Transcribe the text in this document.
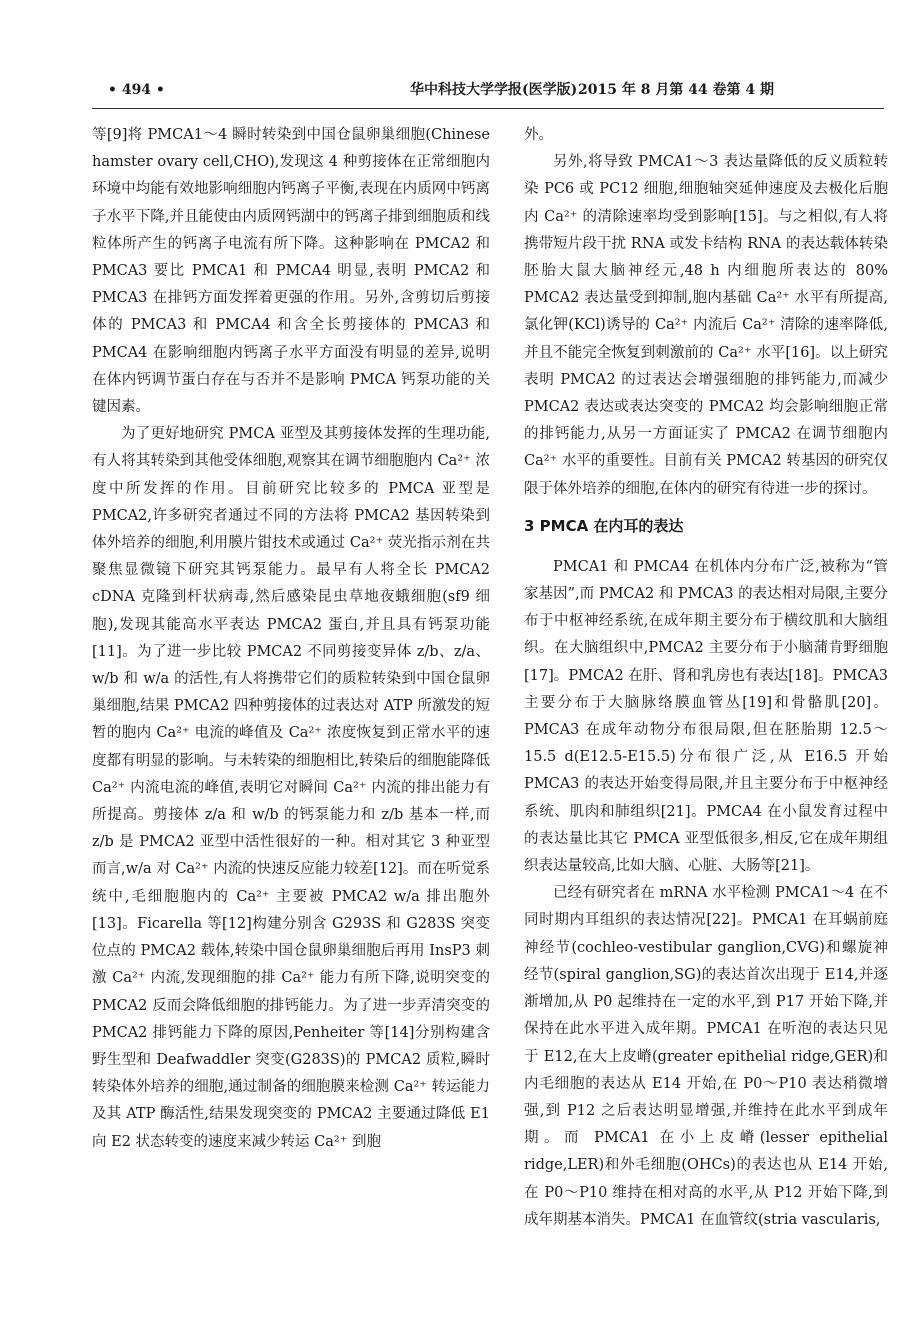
• 494 •	华中科技大学学报(医学版) 2015 年 8 月第 44 卷第 4 期

等[9]将 PMCA1～4 瞬时转染到中国仓鼠卵巢细胞(Chinese hamster ovary cell,CHO),发现这 4 种剪接体在正常细胞内环境中均能有效地影响细胞内钙离子平衡,表现在内质网中钙离子水平下降,并且能使由内质网钙湖中的钙离子排到细胞质和线粒体所产生的钙离子电流有所下降。这种影响在 PMCA2 和 PMCA3 要比 PMCA1 和 PMCA4 明显,表明 PMCA2 和 PMCA3 在排钙方面发挥着更强的作用。另外,含剪切后剪接体的 PMCA3 和 PMCA4 和含全长剪接体的 PMCA3 和 PMCA4 在影响细胞内钙离子水平方面没有明显的差异,说明在体内钙调节蛋白存在与否并不是影响 PMCA 钙泵功能的关键因素。

为了更好地研究 PMCA 亚型及其剪接体发挥的生理功能,有人将其转染到其他受体细胞,观察其在调节细胞胞内 Ca²⁺ 浓度中所发挥的作用。目前研究比较多的 PMCA 亚型是 PMCA2,许多研究者通过不同的方法将 PMCA2 基因转染到体外培养的细胞,利用膜片钳技术或通过 Ca²⁺ 荧光指示剂在共聚焦显微镜下研究其钙泵能力。最早有人将全长 PMCA2 cDNA 克隆到杆状病毒,然后感染昆虫草地夜蛾细胞(sf9 细胞),发现其能高水平表达 PMCA2 蛋白,并且具有钙泵功能[11]。为了进一步比较 PMCA2 不同剪接变异体 z/b、z/a、w/b 和 w/a 的活性,有人将携带它们的质粒转染到中国仓鼠卵巢细胞,结果 PMCA2 四种剪接体的过表达对 ATP 所激发的短暂的胞内 Ca²⁺ 电流的峰值及 Ca²⁺ 浓度恢复到正常水平的速度都有明显的影响。与未转染的细胞相比,转染后的细胞能降低 Ca²⁺ 内流电流的峰值,表明它对瞬间 Ca²⁺ 内流的排出能力有所提高。剪接体 z/a 和 w/b 的钙泵能力和 z/b 基本一样,而 z/b 是 PMCA2 亚型中活性很好的一种。相对其它 3 种亚型而言,w/a 对 Ca²⁺ 内流的快速反应能力较差[12]。而在听觉系统中,毛细胞胞内的 Ca²⁺ 主要被 PMCA2 w/a 排出胞外[13]。Ficarella 等[12]构建分别含 G293S 和 G283S 突变位点的 PMCA2 载体,转染中国仓鼠卵巢细胞后再用 InsP3 刺激 Ca²⁺ 内流,发现细胞的排 Ca²⁺ 能力有所下降,说明突变的 PMCA2 反而会降低细胞的排钙能力。为了进一步弄清突变的 PMCA2 排钙能力下降的原因,Penheiter 等[14]分别构建含野生型和 Deafwaddler 突变(G283S)的 PMCA2 质粒,瞬时转染体外培养的细胞,通过制备的细胞膜来检测 Ca²⁺ 转运能力及其 ATP 酶活性,结果发现突变的 PMCA2 主要通过降低 E1 向 E2 状态转变的速度来减少转运 Ca²⁺ 到胞

外。

另外,将导致 PMCA1～3 表达量降低的反义质粒转染 PC6 或 PC12 细胞,细胞轴突延伸速度及去极化后胞内 Ca²⁺ 的清除速率均受到影响[15]。与之相似,有人将携带短片段干扰 RNA 或发卡结构 RNA 的表达载体转染胚胎大鼠大脑神经元,48 h 内细胞所表达的 80% PMCA2 表达量受到抑制,胞内基础 Ca²⁺ 水平有所提高,氯化钾(KCl)诱导的 Ca²⁺ 内流后 Ca²⁺ 清除的速率降低,并且不能完全恢复到刺激前的 Ca²⁺ 水平[16]。以上研究表明 PMCA2 的过表达会增强细胞的排钙能力,而减少 PMCA2 表达或表达突变的 PMCA2 均会影响细胞正常的排钙能力,从另一方面证实了 PMCA2 在调节细胞内 Ca²⁺ 水平的重要性。目前有关 PMCA2 转基因的研究仅限于体外培养的细胞,在体内的研究有待进一步的探讨。

3 PMCA 在内耳的表达

PMCA1 和 PMCA4 在机体内分布广泛,被称为“管家基因”,而 PMCA2 和 PMCA3 的表达相对局限,主要分布于中枢神经系统,在成年期主要分布于横纹肌和大脑组织。在大脑组织中,PMCA2 主要分布于小脑蒲肯野细胞[17]。PMCA2 在肝、肾和乳房也有表达[18]。PMCA3 主要分布于大脑脉络膜血管丛[19]和骨骼肌[20]。PMCA3 在成年动物分布很局限,但在胚胎期 12.5～15.5 d(E12.5-E15.5)分布很广泛,从 E16.5 开始 PMCA3 的表达开始变得局限,并且主要分布于中枢神经系统、肌肉和肺组织[21]。PMCA4 在小鼠发育过程中的表达量比其它 PMCA 亚型低很多,相反,它在成年期组织表达量较高,比如大脑、心脏、大肠等[21]。

已经有研究者在 mRNA 水平检测 PMCA1～4 在不同时期内耳组织的表达情况[22]。PMCA1 在耳蜗前庭神经节(cochleo-vestibular ganglion,CVG)和螺旋神经节(spiral ganglion,SG)的表达首次出现于 E14,并逐渐增加,从 P0 起维持在一定的水平,到 P17 开始下降,并保持在此水平进入成年期。PMCA1 在听泡的表达只见于 E12,在大上皮嵴(greater epithelial ridge,GER)和内毛细胞的表达从 E14 开始,在 P0～P10 表达稍微增强,到 P12 之后表达明显增强,并维持在此水平到成年期。而 PMCA1 在小上皮嵴(lesser epithelial ridge,LER)和外毛细胞(OHCs)的表达也从 E14 开始,在 P0～P10 维持在相对高的水平,从 P12 开始下降,到成年期基本消失。PMCA1 在血管纹(stria vascularis,
